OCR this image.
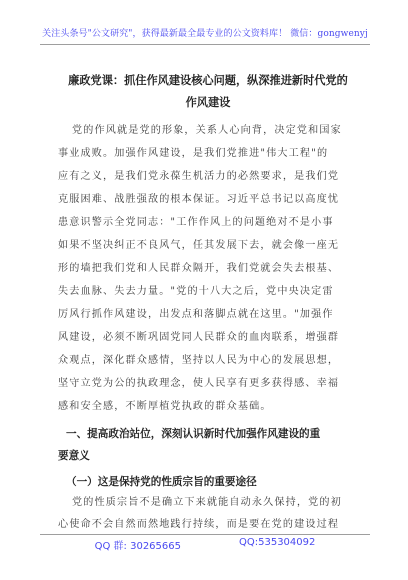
关注头条号"公文研究"，获得最新最全最专业的公文资料库！ 微信：gongwenyj
廉政党课：抓住作风建设核心问题，纵深推进新时代党的
作风建设
党的作风就是党的形象，关系人心向背，决定党和国家
事业成败。加强作风建设，是我们党推进"伟大工程"的
应有之义，是我们党永葆生机活力的必然要求，是我们党
克服困难、战胜强敌的根本保证。习近平总书记以高度忧
患意识警示全党同志："工作作风上的问题绝对不是小事
如果不坚决纠正不良风气，任其发展下去，就会像一座无
形的墙把我们党和人民群众隔开，我们党就会失去根基、
失去血脉、失去力量。"党的十八大之后，党中央决定雷
厉风行抓作风建设，出发点和落脚点就在这里。"加强作
风建设，必须不断巩固党同人民群众的血肉联系，增强群
众观点，深化群众感情，坚持以人民为中心的发展思想，
坚守立党为公的执政理念，使人民享有更多获得感、幸福
感和安全感，不断厚植党执政的群众基础。
一、提高政治站位，深刻认识新时代加强作风建设的重
要意义
（一）这是保持党的性质宗旨的重要途径
党的性质宗旨不是确立下来就能自动永久保持，党的初
心使命不会自然而然地践行持续，而是要在党的建设过程
QQ 群: 30265665	QQ:535304092
